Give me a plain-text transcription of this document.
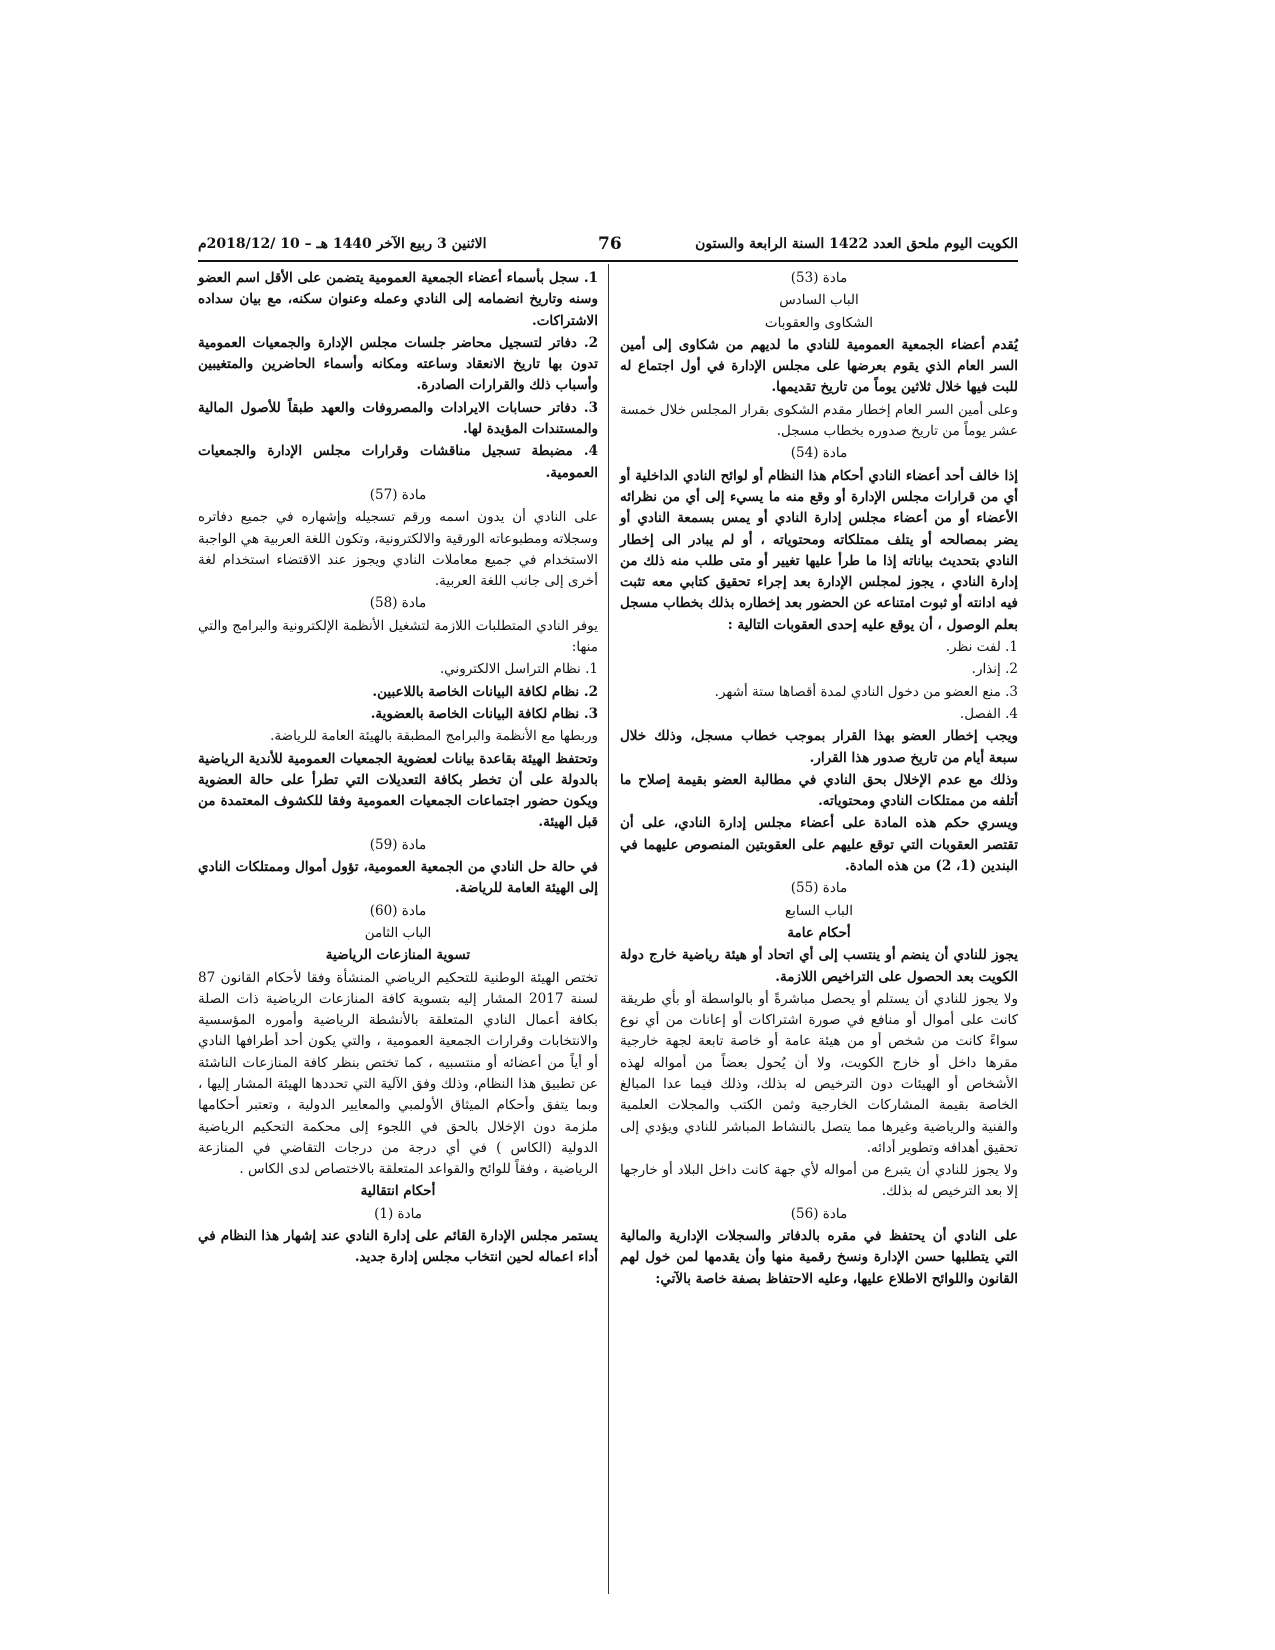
الكويت اليوم ملحق العدد 1422 السنة الرابعة والستون
76
الاثنين 3 ربيع الآخر 1440 هـ – 10 /2018/12م

مادة (53)

الباب السادس

الشكاوى والعقوبات

يُقدم أعضاء الجمعية العمومية للنادي ما لديهم من شكاوى إلى أمين السر العام الذي يقوم بعرضها على مجلس الإدارة في أول اجتماع له للبت فيها خلال ثلاثين يوماً من تاريخ تقديمها.

وعلى أمين السر العام إخطار مقدم الشكوى بقرار المجلس خلال خمسة عشر يوماً من تاريخ صدوره بخطاب مسجل.

مادة (54)

إذا خالف أحد أعضاء النادي أحكام هذا النظام أو لوائح النادي الداخلية أو أي من قرارات مجلس الإدارة أو وقع منه ما يسيء إلى أي من نظرائه الأعضاء أو من أعضاء مجلس إدارة النادي أو يمس بسمعة النادي أو يضر بمصالحه أو يتلف ممتلكاته ومحتوياته ، أو لم يبادر الى إخطار النادي بتحديث بياناته إذا ما طرأ عليها تغيير أو متى طلب منه ذلك من إدارة النادي ، يجوز لمجلس الإدارة بعد إجراء تحقيق كتابي معه تثبت فيه ادانته أو ثبوت امتناعه عن الحضور بعد إخطاره بذلك بخطاب مسجل بعلم الوصول ، أن يوقع عليه إحدى العقوبات التالية :

1. لفت نظر.

2. إنذار.

3. منع العضو من دخول النادي لمدة أقصاها ستة أشهر.

4. الفصل.

ويجب إخطار العضو بهذا القرار بموجب خطاب مسجل، وذلك خلال سبعة أيام من تاريخ صدور هذا القرار.

وذلك مع عدم الإخلال بحق النادي في مطالبة العضو بقيمة إصلاح ما أتلفه من ممتلكات النادي ومحتوياته.

ويسري حكم هذه المادة على أعضاء مجلس إدارة النادي، على أن تقتصر العقوبات التي توقع عليهم على العقوبتين المنصوص عليهما في البندين (1، 2) من هذه المادة.

مادة (55)

الباب السابع

أحكام عامة

يجوز للنادي أن ينضم أو ينتسب إلى أي اتحاد أو هيئة رياضية خارج دولة الكويت بعد الحصول على التراخيص اللازمة.

ولا يجوز للنادي أن يستلم أو يحصل مباشرةً أو بالواسطة أو بأي طريقة كانت على أموال أو منافع في صورة اشتراكات أو إعانات من أي نوع سواءً كانت من شخص أو من هيئة عامة أو خاصة تابعة لجهة خارجية مقرها داخل أو خارج الكويت، ولا أن يُحول بعضاً من أمواله لهذه الأشخاص أو الهيئات دون الترخيص له بذلك، وذلك فيما عدا المبالغ الخاصة بقيمة المشاركات الخارجية وثمن الكتب والمجلات العلمية والفنية والرياضية وغيرها مما يتصل بالنشاط المباشر للنادي ويؤدي إلى تحقيق أهدافه وتطوير أدائه.

ولا يجوز للنادي أن يتبرع من أمواله لأي جهة كانت داخل البلاد أو خارجها إلا بعد الترخيص له بذلك.

مادة (56)

على النادي أن يحتفظ في مقره بالدفاتر والسجلات الإدارية والمالية التي يتطلبها حسن الإدارة ونسخ رقمية منها وأن يقدمها لمن خول لهم القانون واللوائح الاطلاع عليها، وعليه الاحتفاظ بصفة خاصة بالآتي:

1. سجل بأسماء أعضاء الجمعية العمومية يتضمن على الأقل اسم العضو وسنه وتاريخ انضمامه إلى النادي وعمله وعنوان سكنه، مع بيان سداده الاشتراكات.

2. دفاتر لتسجيل محاضر جلسات مجلس الإدارة والجمعيات العمومية تدون بها تاريخ الانعقاد وساعته ومكانه وأسماء الحاضرين والمتغيبين وأسباب ذلك والقرارات الصادرة.

3. دفاتر حسابات الايرادات والمصروفات والعهد طبقاً للأصول المالية والمستندات المؤيدة لها.

4. مضبطة تسجيل مناقشات وقرارات مجلس الإدارة والجمعيات العمومية.

مادة (57)

على النادي أن يدون اسمه ورقم تسجيله وإشهاره في جميع دفاتره وسجلاته ومطبوعاته الورقية والالكترونية، وتكون اللغة العربية هي الواجبة الاستخدام في جميع معاملات النادي ويجوز عند الاقتضاء استخدام لغة أخرى إلى جانب اللغة العربية.

مادة (58)

يوفر النادي المتطلبات اللازمة لتشغيل الأنظمة الإلكترونية والبرامج والتي منها:

1. نظام التراسل الالكتروني.

2. نظام لكافة البيانات الخاصة باللاعبين.

3. نظام لكافة البيانات الخاصة بالعضوية.

وربطها مع الأنظمة والبرامج المطبقة بالهيئة العامة للرياضة.

وتحتفظ الهيئة بقاعدة بيانات لعضوية الجمعيات العمومية للأندية الرياضية بالدولة على أن تخطر بكافة التعديلات التي تطرأ على حالة العضوية ويكون حضور اجتماعات الجمعيات العمومية وفقا للكشوف المعتمدة من قبل الهيئة.

مادة (59)

في حالة حل النادي من الجمعية العمومية، تؤول أموال وممتلكات النادي إلى الهيئة العامة للرياضة.

مادة (60)

الباب الثامن

تسوية المنازعات الرياضية

تختص الهيئة الوطنية للتحكيم الرياضي المنشأة وفقا لأحكام القانون 87 لسنة 2017 المشار إليه بتسوية كافة المنازعات الرياضية ذات الصلة بكافة أعمال النادي المتعلقة بالأنشطة الرياضية وأموره المؤسسية والانتخابات وقرارات الجمعية العمومية ، والتي يكون أحد أطرافها النادي أو أياً من أعضائه أو منتسبيه ، كما تختص بنظر كافة المنازعات الناشئة عن تطبيق هذا النظام، وذلك وفق الآلية التي تحددها الهيئة المشار إليها ، وبما يتفق وأحكام الميثاق الأولمبي والمعايير الدولية ، وتعتبر أحكامها ملزمة دون الإخلال بالحق في اللجوء إلى محكمة التحكيم الرياضية الدولية (الكاس ) في أي درجة من درجات التقاضي في المنازعة الرياضية ، وفقاً للوائح والقواعد المتعلقة بالاختصاص لدى الكاس .

أحكام انتقالية

مادة (1)

يستمر مجلس الإدارة القائم على إدارة النادي عند إشهار هذا النظام في أداء اعماله لحين انتخاب مجلس إدارة جديد.
